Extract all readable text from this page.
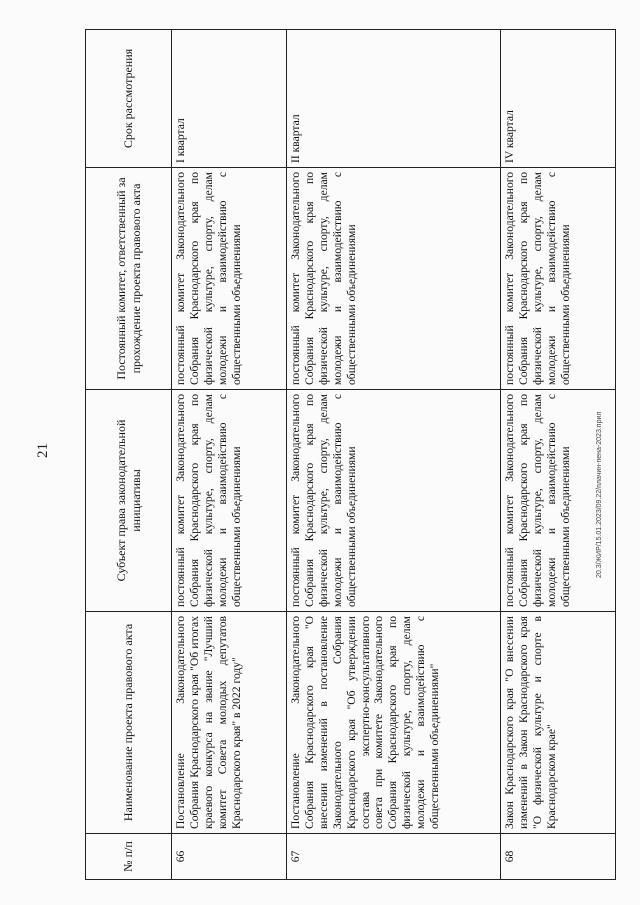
21	20.3/ЖИР/15.01.2023/09.22/плачин-пена-2023.прил
№ п/п	Наименование проекта правового акта	Субъект права законодательной инициативы	Постоянный комитет, ответственный за прохождение проекта правового акта	Срок рассмотрения
66	Постановление Законодательного Собрания Краснодарского края "Об итогах краевого конкурса на звание "Лучший комитет Совета молодых депутатов Краснодарского края" в 2022 году"	постоянный комитет Законодательного Собрания Краснодарского края по физической культуре, спорту, делам молодежи и взаимодействию с общественными объединениями	постоянный комитет Законодательного Собрания Краснодарского края по физической культуре, спорту, делам молодежи и взаимодействию с общественными объединениями	I квартал
67	Постановление Законодательного Собрания Краснодарского края "О внесении изменений в постановление Законодательного Собрания Краснодарского края "Об утверждении состава экспертно-консультативного совета при комитете Законодательного Собрания Краснодарского края по физической культуре, спорту, делам молодежи и взаимодействию с общественными объединениями"	постоянный комитет Законодательного Собрания Краснодарского края по физической культуре, спорту, делам молодежи и взаимодействию с общественными объединениями	постоянный комитет Законодательного Собрания Краснодарского края по физической культуре, спорту, делам молодежи и взаимодействию с общественными объединениями	II квартал
68	Закон Краснодарского края "О внесении изменений в Закон Краснодарского края "О физической культуре и спорте в Краснодарском крае"	постоянный комитет Законодательного Собрания Краснодарского края по физической культуре, спорту, делам молодежи и взаимодействию с общественными объединениями	постоянный комитет Законодательного Собрания Краснодарского края по физической культуре, спорту, делам молодежи и взаимодействию с общественными объединениями	IV квартал
